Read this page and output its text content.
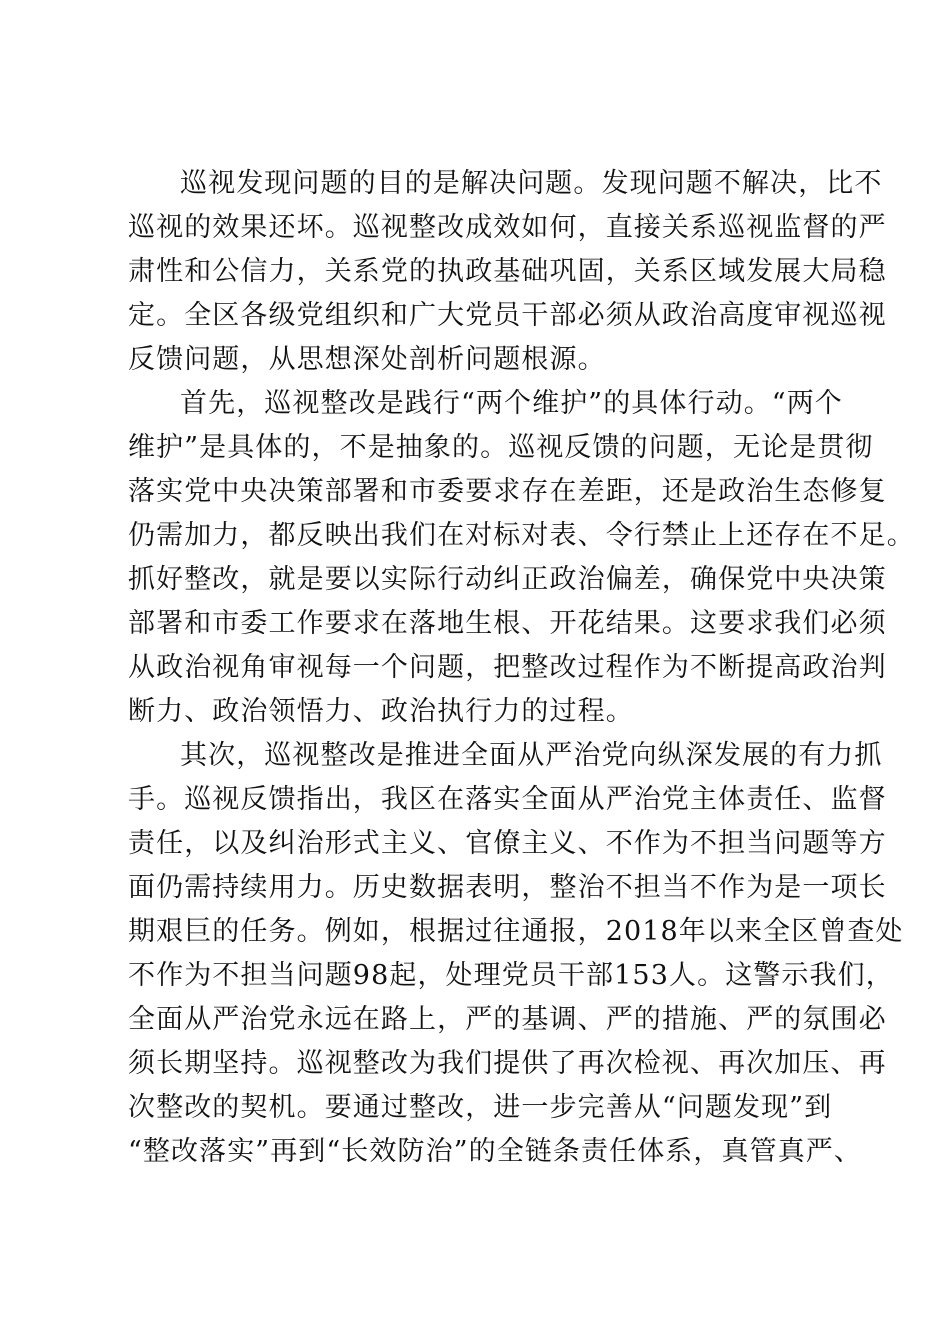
巡视发现问题的目的是解决问题。发现问题不解决，比不
巡视的效果还坏。巡视整改成效如何，直接关系巡视监督的严
肃性和公信力，关系党的执政基础巩固，关系区域发展大局稳
定。全区各级党组织和广大党员干部必须从政治高度审视巡视
反馈问题，从思想深处剖析问题根源。
首先，巡视整改是践行“两个维护”的具体行动。“两个
维护”是具体的，不是抽象的。巡视反馈的问题，无论是贯彻
落实党中央决策部署和市委要求存在差距，还是政治生态修复
仍需加力，都反映出我们在对标对表、令行禁止上还存在不足。
抓好整改，就是要以实际行动纠正政治偏差，确保党中央决策
部署和市委工作要求在落地生根、开花结果。这要求我们必须
从政治视角审视每一个问题，把整改过程作为不断提高政治判
断力、政治领悟力、政治执行力的过程。
其次，巡视整改是推进全面从严治党向纵深发展的有力抓
手。巡视反馈指出，我区在落实全面从严治党主体责任、监督
责任，以及纠治形式主义、官僚主义、不作为不担当问题等方
面仍需持续用力。历史数据表明，整治不担当不作为是一项长
期艰巨的任务。例如，根据过往通报，2018年以来全区曾查处
不作为不担当问题98起，处理党员干部153人。这警示我们，
全面从严治党永远在路上，严的基调、严的措施、严的氛围必
须长期坚持。巡视整改为我们提供了再次检视、再次加压、再
次整改的契机。要通过整改，进一步完善从“问题发现”到
“整改落实”再到“长效防治”的全链条责任体系，真管真严、
